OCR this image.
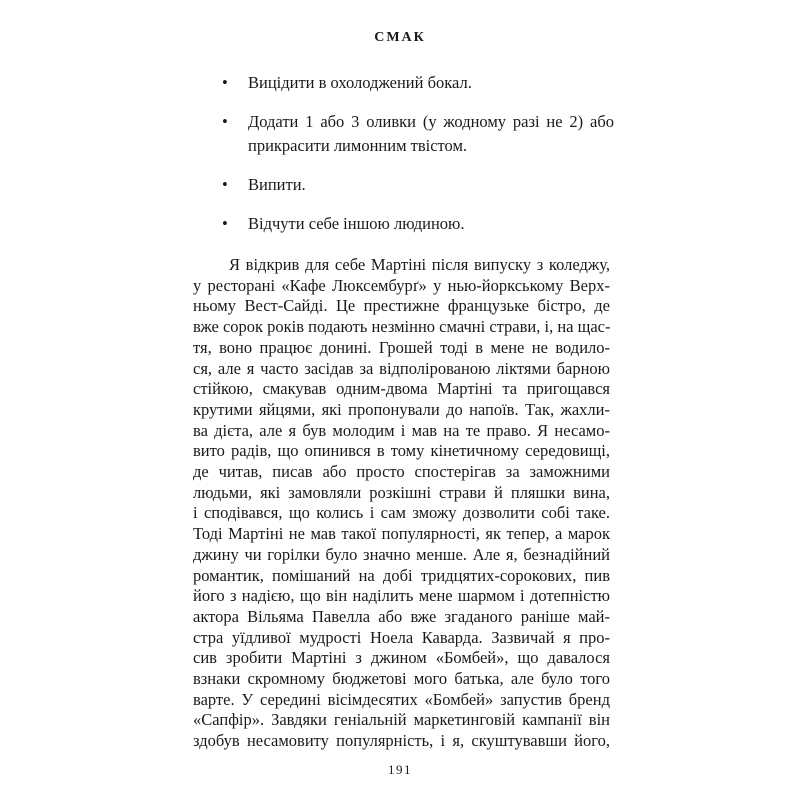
СМАК
• Вицідити в охолоджений бокал.
• Додати 1 або 3 оливки (у жодному разі не 2) або прикрасити лимонним твістом.
• Випити.
• Відчути себе іншою людиною.
Я відкрив для себе Мартіні після випуску з коледжу,
у ресторані «Кафе Люксембурґ» у нью-йоркському Верх-
ньому Вест-Сайді. Це престижне французьке бістро, де
вже сорок років подають незмінно смачні страви, і, на щас-
тя, воно працює донині. Грошей тоді в мене не водило-
ся, але я часто засідав за відполірованою ліктями барною
стійкою, смакував одним-двома Мартіні та пригощався
крутими яйцями, які пропонували до напоїв. Так, жахли-
ва дієта, але я був молодим і мав на те право. Я несамо-
вито радів, що опинився в тому кінетичному середовищі,
де читав, писав або просто спостерігав за заможними
людьми, які замовляли розкішні страви й пляшки вина,
і сподівався, що колись і сам зможу дозволити собі таке.
Тоді Мартіні не мав такої популярності, як тепер, а марок
джину чи горілки було значно менше. Але я, безнадійний
романтик, помішаний на добі тридцятих-сорокових, пив
його з надією, що він наділить мене шармом і дотепністю
актора Вільяма Павелла або вже згаданого раніше май-
стра уїдливої мудрості Ноела Каварда. Зазвичай я про-
сив зробити Мартіні з джином «Бомбей», що давалося
взнаки скромному бюджетові мого батька, але було того
варте. У середині вісімдесятих «Бомбей» запустив бренд
«Сапфір». Завдяки геніальній маркетинговій кампанії він
здобув несамовиту популярність, і я, скуштувавши його,
191
